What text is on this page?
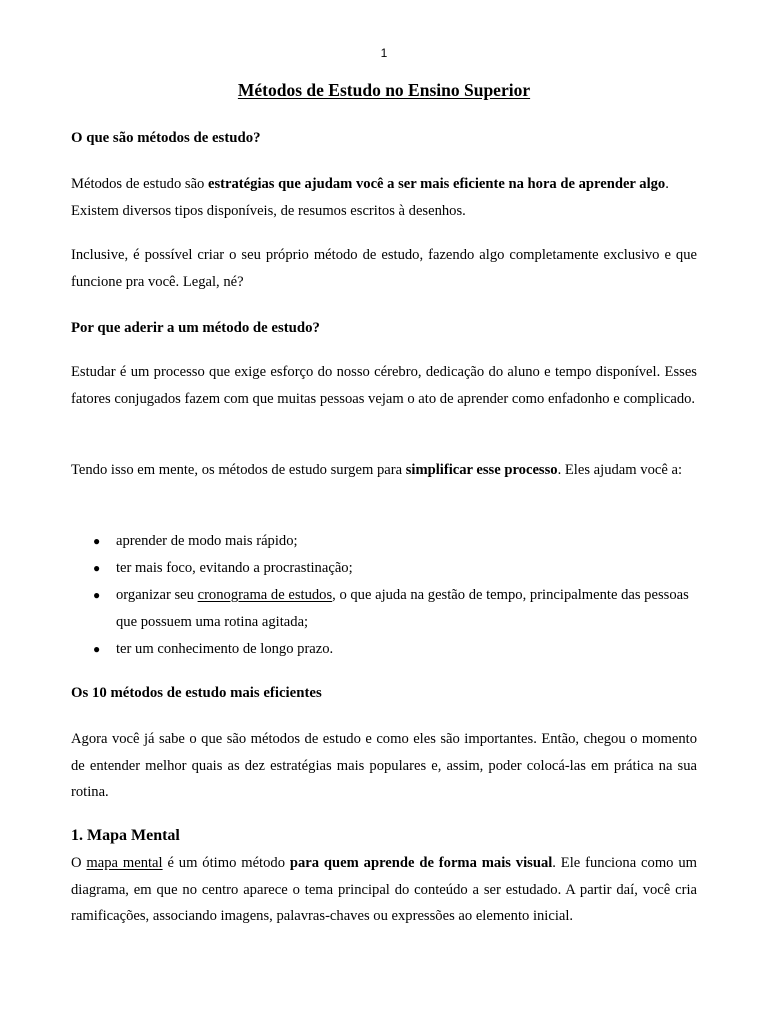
1
Métodos de Estudo no Ensino Superior
O que são métodos de estudo?

Métodos de estudo são estratégias que ajudam você a ser mais eficiente na hora de aprender algo. Existem diversos tipos disponíveis, de resumos escritos à desenhos.

Inclusive, é possível criar o seu próprio método de estudo, fazendo algo completamente exclusivo e que funcione pra você. Legal, né?

Por que aderir a um método de estudo?

Estudar é um processo que exige esforço do nosso cérebro, dedicação do aluno e tempo disponível. Esses fatores conjugados fazem com que muitas pessoas vejam o ato de aprender como enfadonho e complicado.

Tendo isso em mente, os métodos de estudo surgem para simplificar esse processo. Eles ajudam você a:

● aprender de modo mais rápido;
● ter mais foco, evitando a procrastinação;
● organizar seu cronograma de estudos, o que ajuda na gestão de tempo, principalmente das pessoas que possuem uma rotina agitada;
● ter um conhecimento de longo prazo.
Os 10 métodos de estudo mais eficientes

Agora você já sabe o que são métodos de estudo e como eles são importantes. Então, chegou o momento de entender melhor quais as dez estratégias mais populares e, assim, poder colocá-las em prática na sua rotina.

1. Mapa Mental

O mapa mental é um ótimo método para quem aprende de forma mais visual. Ele funciona como um diagrama, em que no centro aparece o tema principal do conteúdo a ser estudado. A partir daí, você cria ramificações, associando imagens, palavras-chaves ou expressões ao elemento inicial.
